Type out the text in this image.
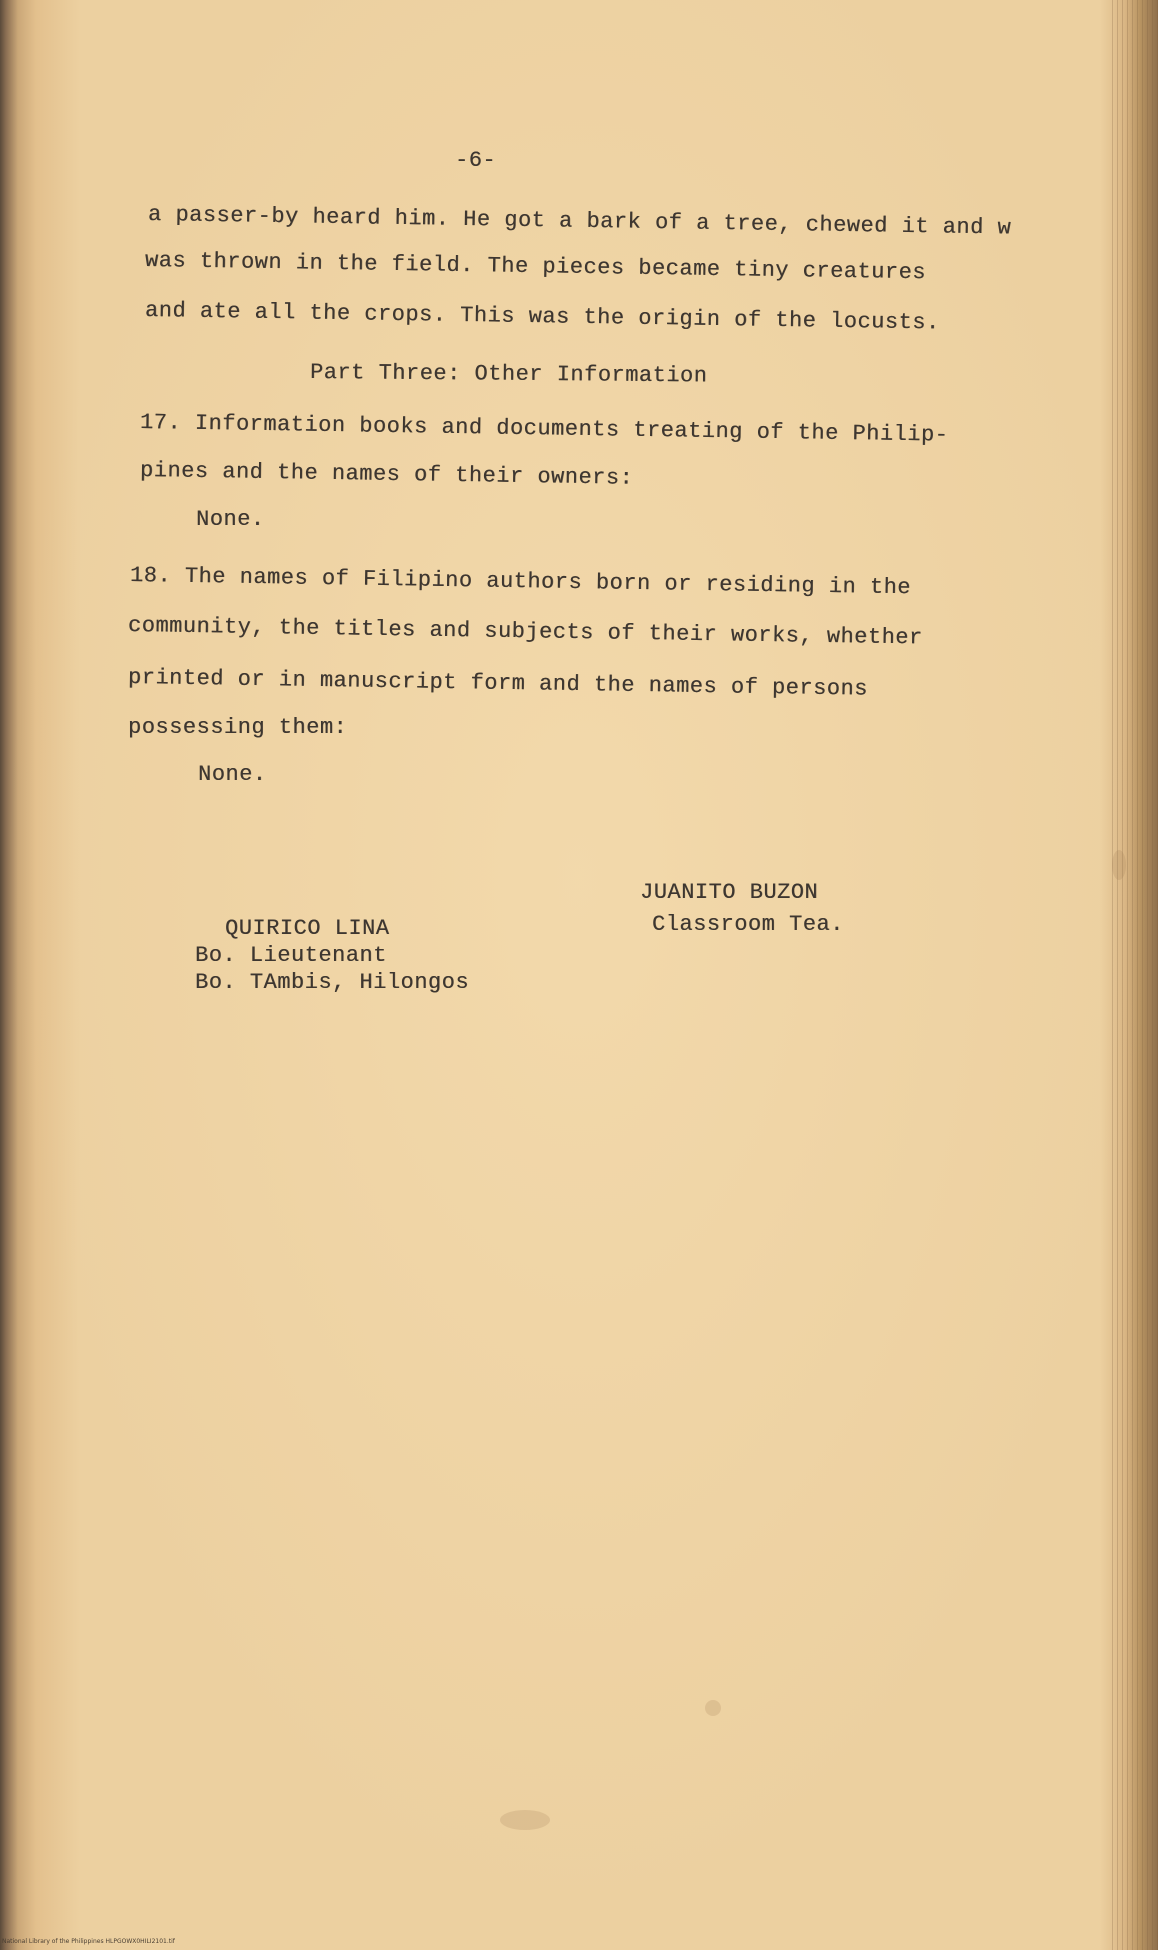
-6-
a passer-by heard him. He got a bark of a tree, chewed it and w
was thrown in the field. The pieces became tiny creatures
and ate all the crops. This was the origin of the locusts.
Part Three: Other Information
17. Information books and documents treating of the Philip-
pines and the names of their owners:
None.
18. The names of Filipino authors born or residing in the
community, the titles and subjects of their works, whether
printed or in manuscript form and the names of persons
possessing them:
None.
JUANITO BUZON
Classroom Tea.
QUIRICO LINA
Bo. Lieutenant
Bo. TAmbis, Hilongos
National Library of the Philippines HLPGOWX0HILI2101.tif
